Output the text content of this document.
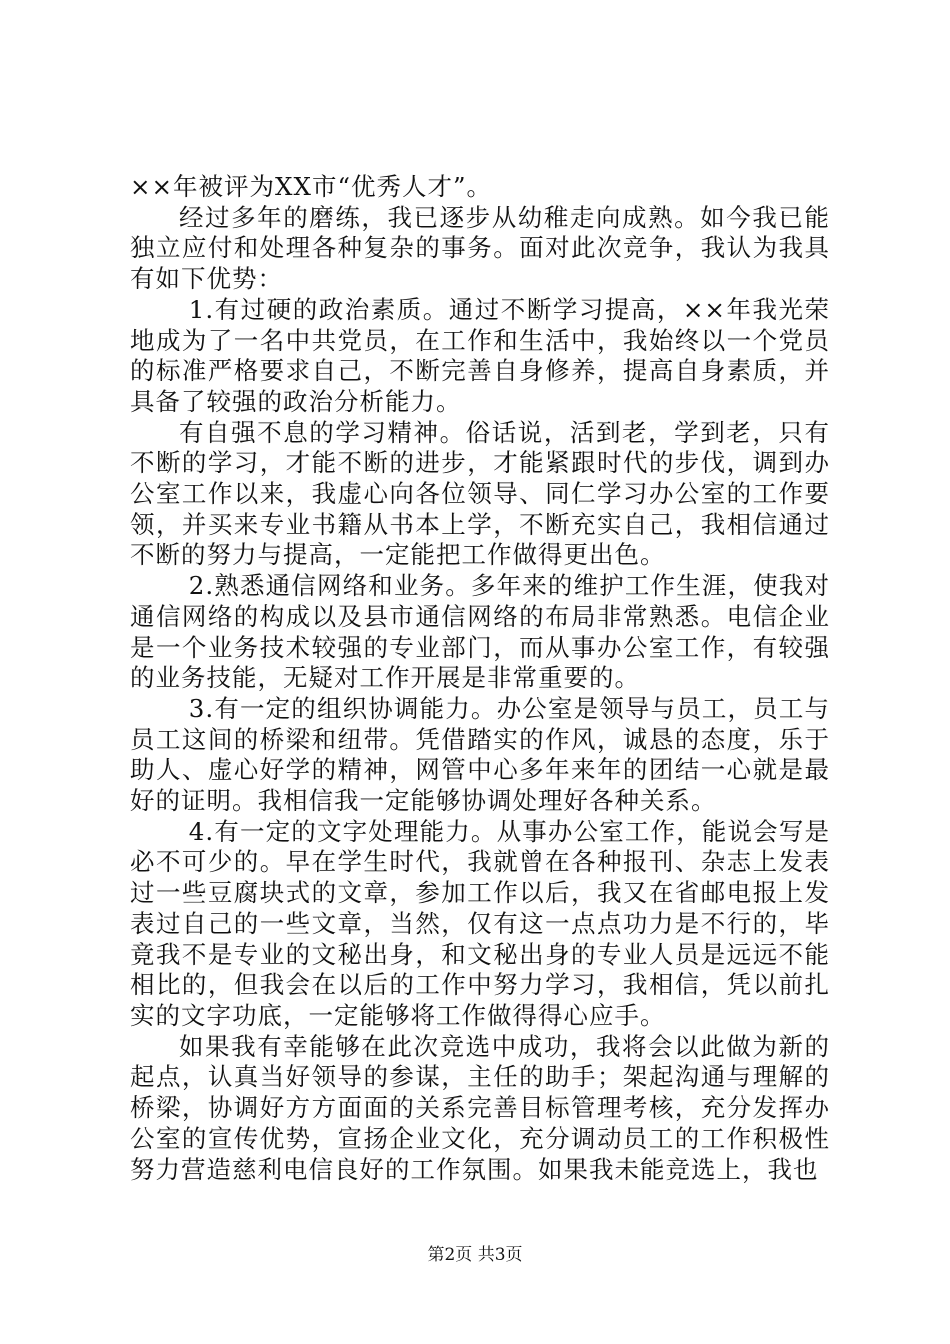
××年被评为XX市“优秀人才”。

经过多年的磨练，我已逐步从幼稚走向成熟。如今我已能独立应付和处理各种复杂的事务。面对此次竞争，我认为我具有如下优势：

1.有过硬的政治素质。通过不断学习提高，××年我光荣地成为了一名中共党员，在工作和生活中，我始终以一个党员的标准严格要求自己，不断完善自身修养，提高自身素质，并具备了较强的政治分析能力。

有自强不息的学习精神。俗话说，活到老，学到老，只有不断的学习，才能不断的进步，才能紧跟时代的步伐，调到办公室工作以来，我虚心向各位领导、同仁学习办公室的工作要领，并买来专业书籍从书本上学，不断充实自己，我相信通过不断的努力与提高，一定能把工作做得更出色。

2.熟悉通信网络和业务。多年来的维护工作生涯，使我对通信网络的构成以及县市通信网络的布局非常熟悉。电信企业是一个业务技术较强的专业部门，而从事办公室工作，有较强的业务技能，无疑对工作开展是非常重要的。

3.有一定的组织协调能力。办公室是领导与员工，员工与员工这间的桥梁和纽带。凭借踏实的作风，诚恳的态度，乐于助人、虚心好学的精神，网管中心多年来年的团结一心就是最好的证明。我相信我一定能够协调处理好各种关系。

4.有一定的文字处理能力。从事办公室工作，能说会写是必不可少的。早在学生时代，我就曾在各种报刊、杂志上发表过一些豆腐块式的文章，参加工作以后，我又在省邮电报上发表过自己的一些文章，当然，仅有这一点点功力是不行的，毕竟我不是专业的文秘出身，和文秘出身的专业人员是远远不能相比的，但我会在以后的工作中努力学习，我相信，凭以前扎实的文字功底，一定能够将工作做得得心应手。

如果我有幸能够在此次竞选中成功，我将会以此做为新的起点，认真当好领导的参谋，主任的助手；架起沟通与理解的桥梁，协调好方方面面的关系完善目标管理考核，充分发挥办公室的宣传优势，宣扬企业文化，充分调动员工的工作积极性努力营造慈利电信良好的工作氛围。如果我未能竞选上，我也

第2页 共3页
